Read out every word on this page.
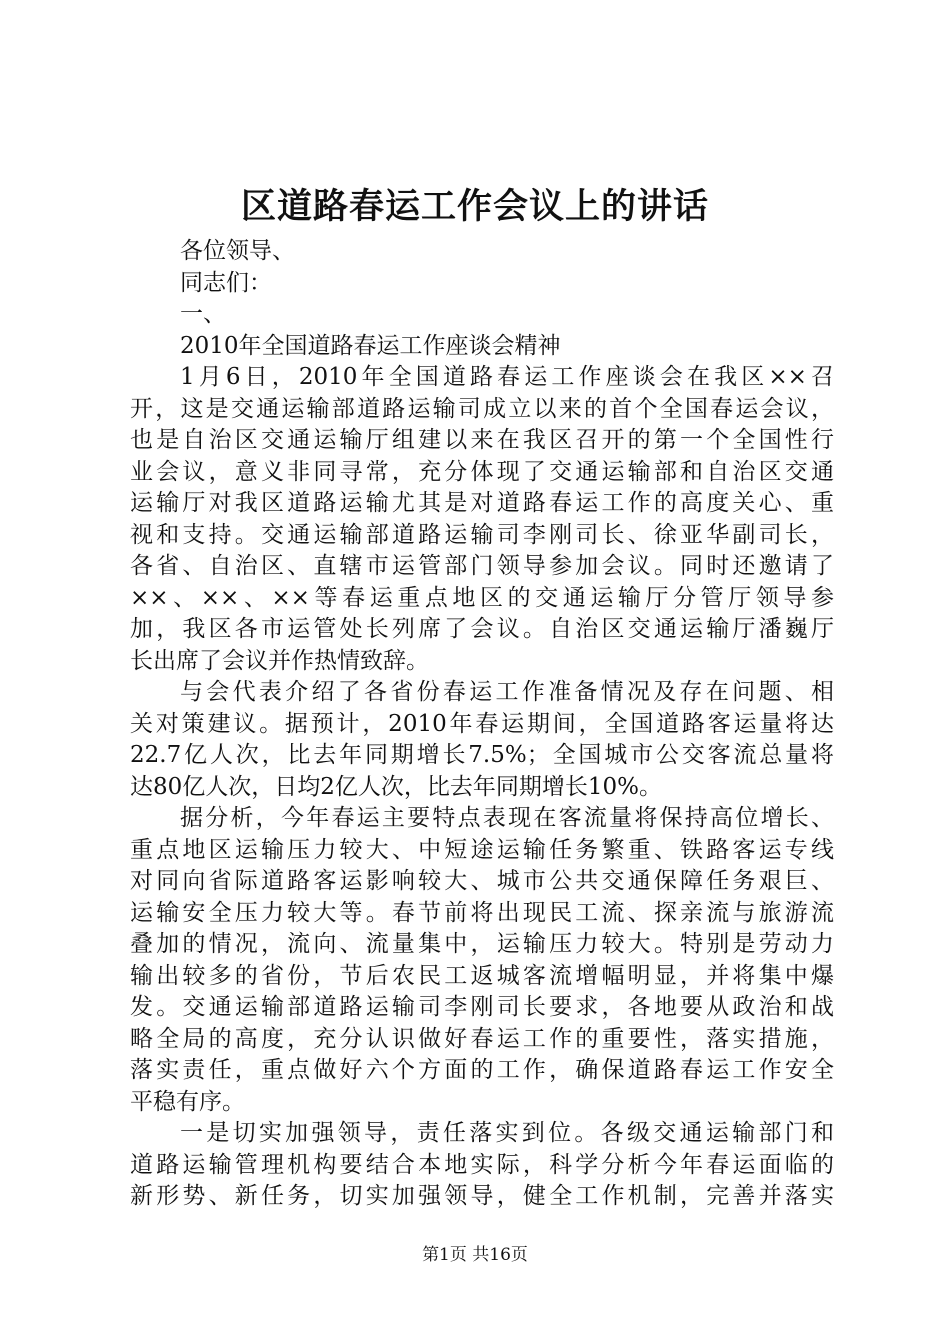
区道路春运工作会议上的讲话
各位领导、
同志们：
一、
2010年全国道路春运工作座谈会精神
1月6日，2010年全国道路春运工作座谈会在我区××召
开，这是交通运输部道路运输司成立以来的首个全国春运会议，
也是自治区交通运输厅组建以来在我区召开的第一个全国性行
业会议，意义非同寻常，充分体现了交通运输部和自治区交通
运输厅对我区道路运输尤其是对道路春运工作的高度关心、重
视和支持。交通运输部道路运输司李刚司长、徐亚华副司长，
各省、自治区、直辖市运管部门领导参加会议。同时还邀请了
××、××、××等春运重点地区的交通运输厅分管厅领导参
加，我区各市运管处长列席了会议。自治区交通运输厅潘巍厅
长出席了会议并作热情致辞。
与会代表介绍了各省份春运工作准备情况及存在问题、相
关对策建议。据预计，2010年春运期间，全国道路客运量将达
22.7亿人次，比去年同期增长7.5%；全国城市公交客流总量将
达80亿人次，日均2亿人次，比去年同期增长10%。
据分析，今年春运主要特点表现在客流量将保持高位增长、
重点地区运输压力较大、中短途运输任务繁重、铁路客运专线
对同向省际道路客运影响较大、城市公共交通保障任务艰巨、
运输安全压力较大等。春节前将出现民工流、探亲流与旅游流
叠加的情况，流向、流量集中，运输压力较大。特别是劳动力
输出较多的省份，节后农民工返城客流增幅明显，并将集中爆
发。交通运输部道路运输司李刚司长要求，各地要从政治和战
略全局的高度，充分认识做好春运工作的重要性，落实措施，
落实责任，重点做好六个方面的工作，确保道路春运工作安全
平稳有序。
一是切实加强领导，责任落实到位。各级交通运输部门和
道路运输管理机构要结合本地实际，科学分析今年春运面临的
新形势、新任务，切实加强领导，健全工作机制，完善并落实
第1页 共16页
